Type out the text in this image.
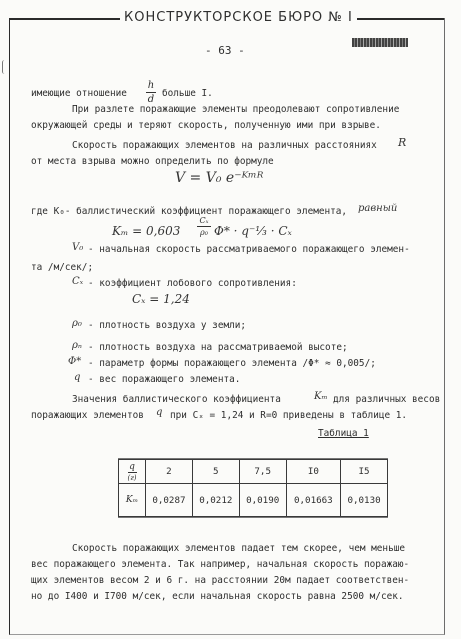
КОНСТРУКТОРСКОЕ БЮРО № I
- 63 -
имеющие отношение
h
d
больше I.
При разлете поражающие элементы преодолевают сопротивление
окружающей среды и теряют скорость, полученную ими при взрыве.
Скорость поражающих элементов на различных расстояниях R
от места взрыва можно определить по формуле
V = V₀ e⁻ᴷᵐᴿ
где K₀- баллистический коэффициент поражающего элемента, равный
Kₘ = 0,603
Cₓ
ρ₀ Φ* · q⁻⅓ · Cₓ
V₀ - начальная скорость рассматриваемого поражающего элемен-
та /м/сек/;
Cₓ - коэффициент лобового сопротивления:
Cₓ = 1,24
ρ₀ - плотность воздуха у земли;
ρₙ - плотность воздуха на рассматриваемой высоте;
Φ* - параметр формы поражающего элемента /Φ* ≈ 0,005/;
q - вес поражающего элемента.
Значения баллистического коэффициента	Kₘ для различных весов
поражающих элементов q при Cₓ = 1,24 и R=0 приведены в таблице 1.
Таблица 1
q
(г)	2	5	7,5	I0	I5
Kₘ	0,0287	0,0212	0,0190	0,01663	0,0130
Скорость поражающих элементов падает тем скорее, чем меньше
вес поражающего элемента. Так например, начальная скорость поражаю-
щих элементов весом 2 и 6 г. на расстоянии 20м падает соответствен-
но до I400 и I700 м/сек, если начальная скорость равна 2500 м/сек.
